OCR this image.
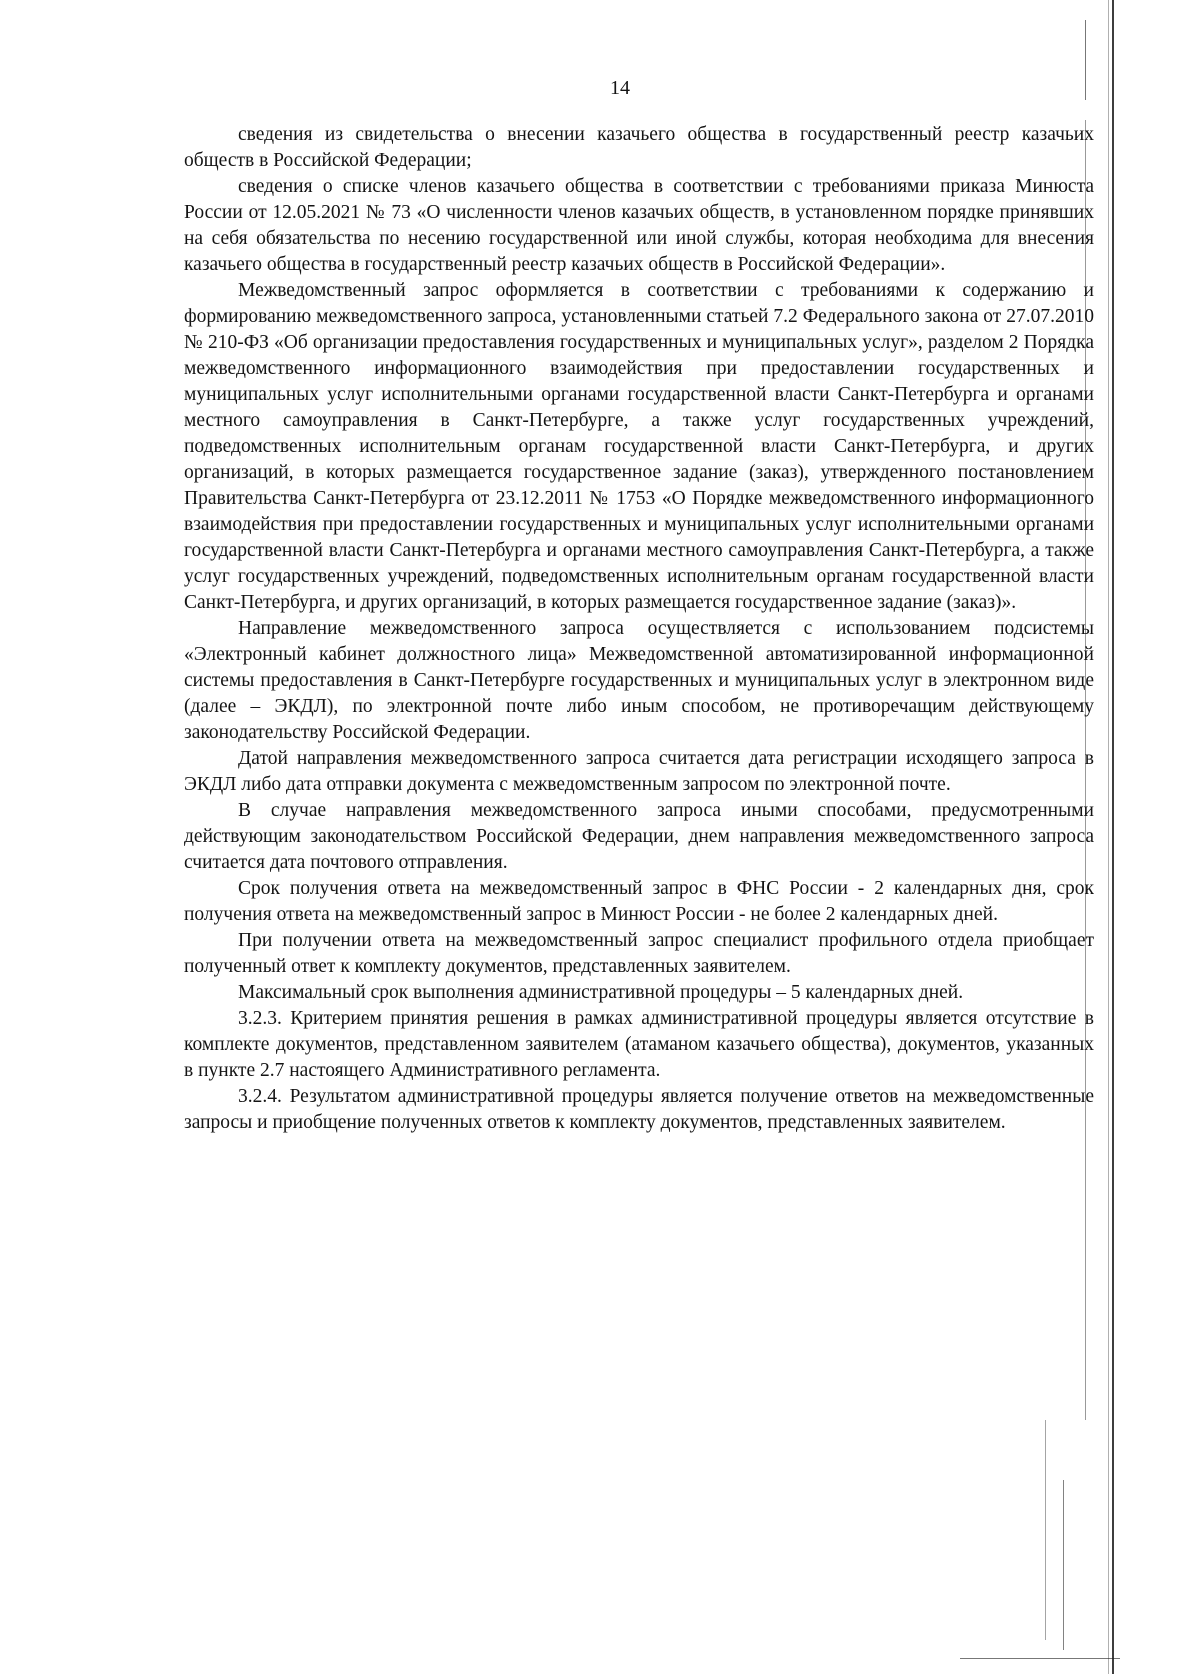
14

сведения из свидетельства о внесении казачьего общества в государственный реестр казачьих обществ в Российской Федерации;

сведения о списке членов казачьего общества в соответствии с требованиями приказа Минюста России от 12.05.2021 № 73 «О численности членов казачьих обществ, в установленном порядке принявших на себя обязательства по несению государственной или иной службы, которая необходима для внесения казачьего общества в государственный реестр казачьих обществ в Российской Федерации».

Межведомственный запрос оформляется в соответствии с требованиями к содержанию и формированию межведомственного запроса, установленными статьей 7.2 Федерального закона от 27.07.2010 № 210-ФЗ «Об организации предоставления государственных и муниципальных услуг», разделом 2 Порядка межведомственного информационного взаимодействия при предоставлении государственных и муниципальных услуг исполнительными органами государственной власти Санкт-Петербурга и органами местного самоуправления в Санкт-Петербурге, а также услуг государственных учреждений, подведомственных исполнительным органам государственной власти Санкт-Петербурга, и других организаций, в которых размещается государственное задание (заказ), утвержденного постановлением Правительства Санкт-Петербурга от 23.12.2011 № 1753 «О Порядке межведомственного информационного взаимодействия при предоставлении государственных и муниципальных услуг исполнительными органами государственной власти Санкт-Петербурга и органами местного самоуправления Санкт-Петербурга, а также услуг государственных учреждений, подведомственных исполнительным органам государственной власти Санкт-Петербурга, и других организаций, в которых размещается государственное задание (заказ)».

Направление межведомственного запроса осуществляется с использованием подсистемы «Электронный кабинет должностного лица» Межведомственной автоматизированной информационной системы предоставления в Санкт-Петербурге государственных и муниципальных услуг в электронном виде (далее – ЭКДЛ), по электронной почте либо иным способом, не противоречащим действующему законодательству Российской Федерации.

Датой направления межведомственного запроса считается дата регистрации исходящего запроса в ЭКДЛ либо дата отправки документа с межведомственным запросом по электронной почте.

В случае направления межведомственного запроса иными способами, предусмотренными действующим законодательством Российской Федерации, днем направления межведомственного запроса считается дата почтового отправления.

Срок получения ответа на межведомственный запрос в ФНС России - 2 календарных дня, срок получения ответа на межведомственный запрос в Минюст России - не более 2 календарных дней.

При получении ответа на межведомственный запрос специалист профильного отдела приобщает полученный ответ к комплекту документов, представленных заявителем.

Максимальный срок выполнения административной процедуры – 5 календарных дней.

3.2.3. Критерием принятия решения в рамках административной процедуры является отсутствие в комплекте документов, представленном заявителем (атаманом казачьего общества), документов, указанных в пункте 2.7 настоящего Административного регламента.

3.2.4. Результатом административной процедуры является получение ответов на межведомственные запросы и приобщение полученных ответов к комплекту документов, представленных заявителем.
